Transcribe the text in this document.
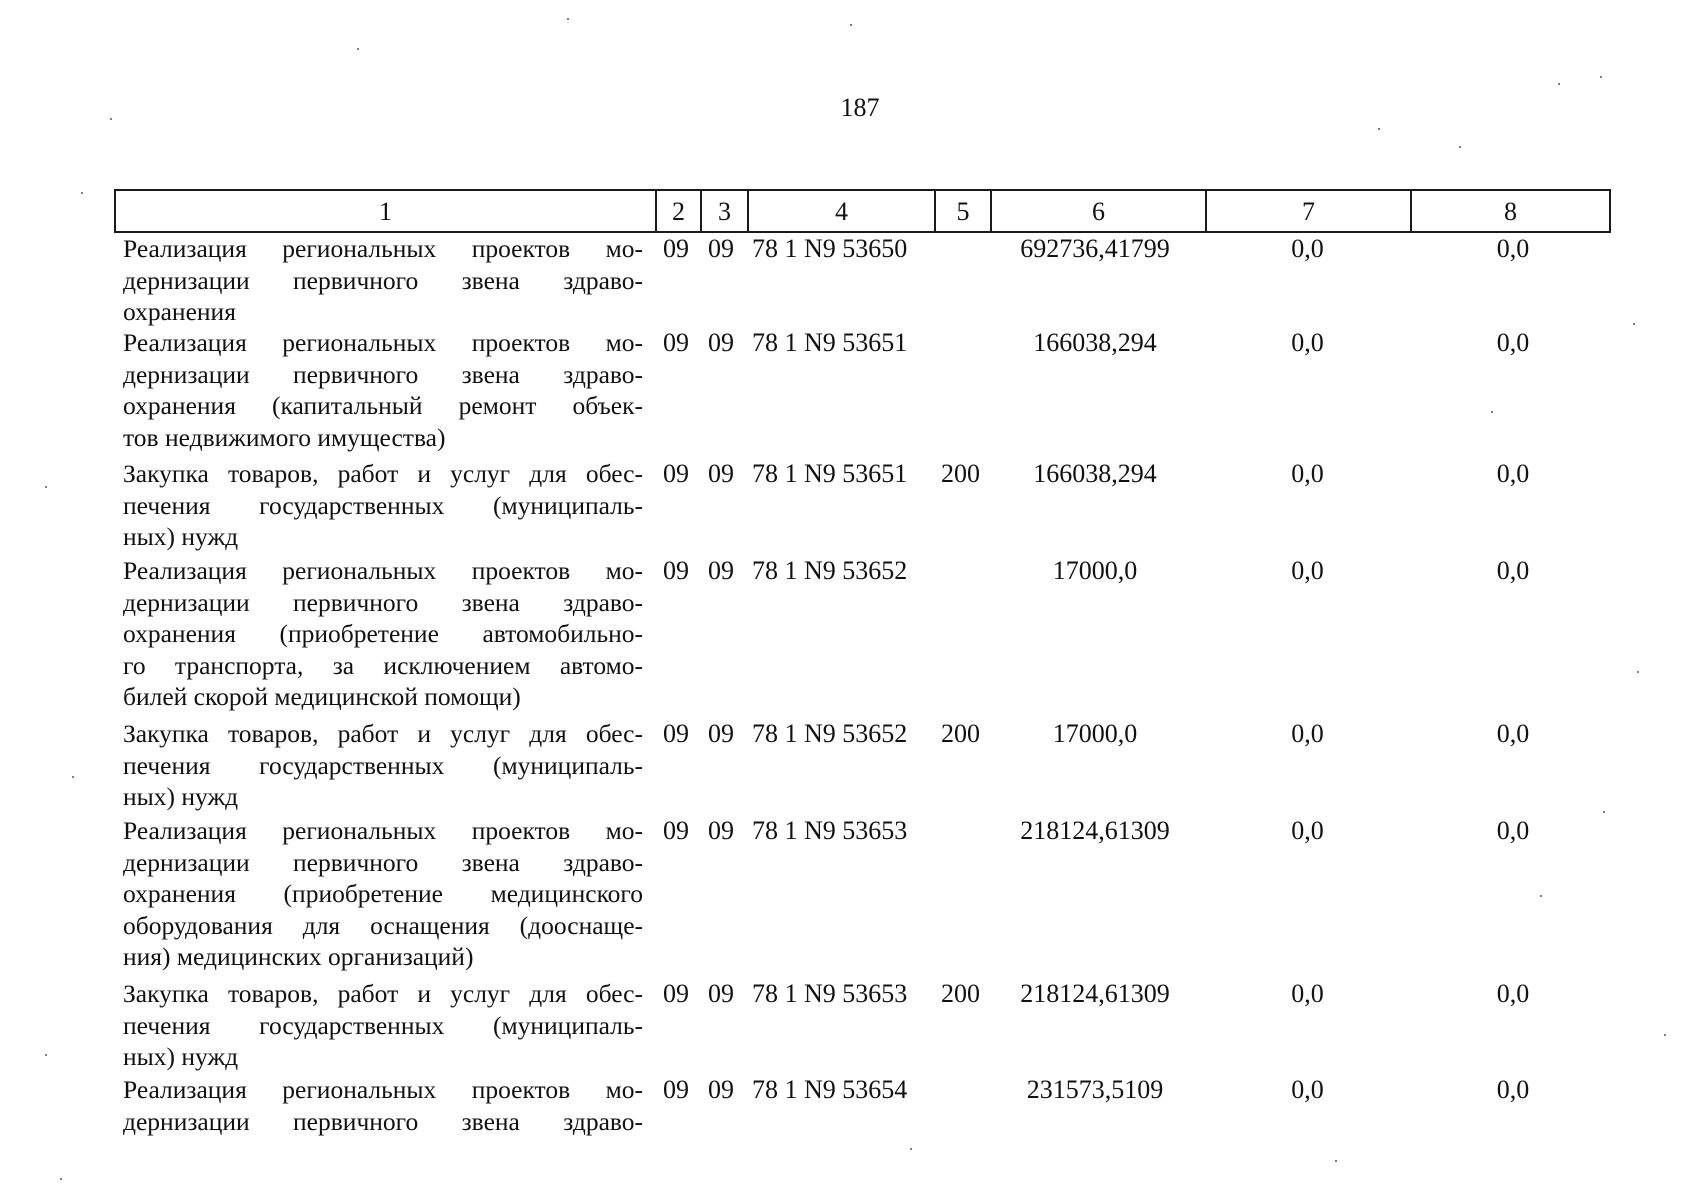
187
1	2	3	4	5	6	7	8
Реализация региональных проектов мо-
дернизации первичного звена здраво-
охранения
09 09 78 1 N9 53650	692736,41799	0,0	0,0
Реализация региональных проектов мо-
дернизации первичного звена здраво-
охранения (капитальный ремонт объек-
тов недвижимого имущества)
09 09 78 1 N9 53651	166038,294	0,0	0,0
Закупка товаров, работ и услуг для обес-
печения государственных (муниципаль-
ных) нужд
09 09 78 1 N9 53651 200	166038,294	0,0	0,0
Реализация региональных проектов мо-
дернизации первичного звена здраво-
охранения (приобретение автомобильно-
го транспорта, за исключением автомо-
билей скорой медицинской помощи)
09 09 78 1 N9 53652	17000,0	0,0	0,0
Закупка товаров, работ и услуг для обес-
печения государственных (муниципаль-
ных) нужд
09 09 78 1 N9 53652 200	17000,0	0,0	0,0
Реализация региональных проектов мо-
дернизации первичного звена здраво-
охранения (приобретение медицинского
оборудования для оснащения (дооснаще-
ния) медицинских организаций)
09 09 78 1 N9 53653	218124,61309	0,0	0,0
Закупка товаров, работ и услуг для обес-
печения государственных (муниципаль-
ных) нужд
09 09 78 1 N9 53653 200	218124,61309	0,0	0,0
Реализация региональных проектов мо-
дернизации первичного звена здраво-
09 09 78 1 N9 53654	231573,5109	0,0	0,0
